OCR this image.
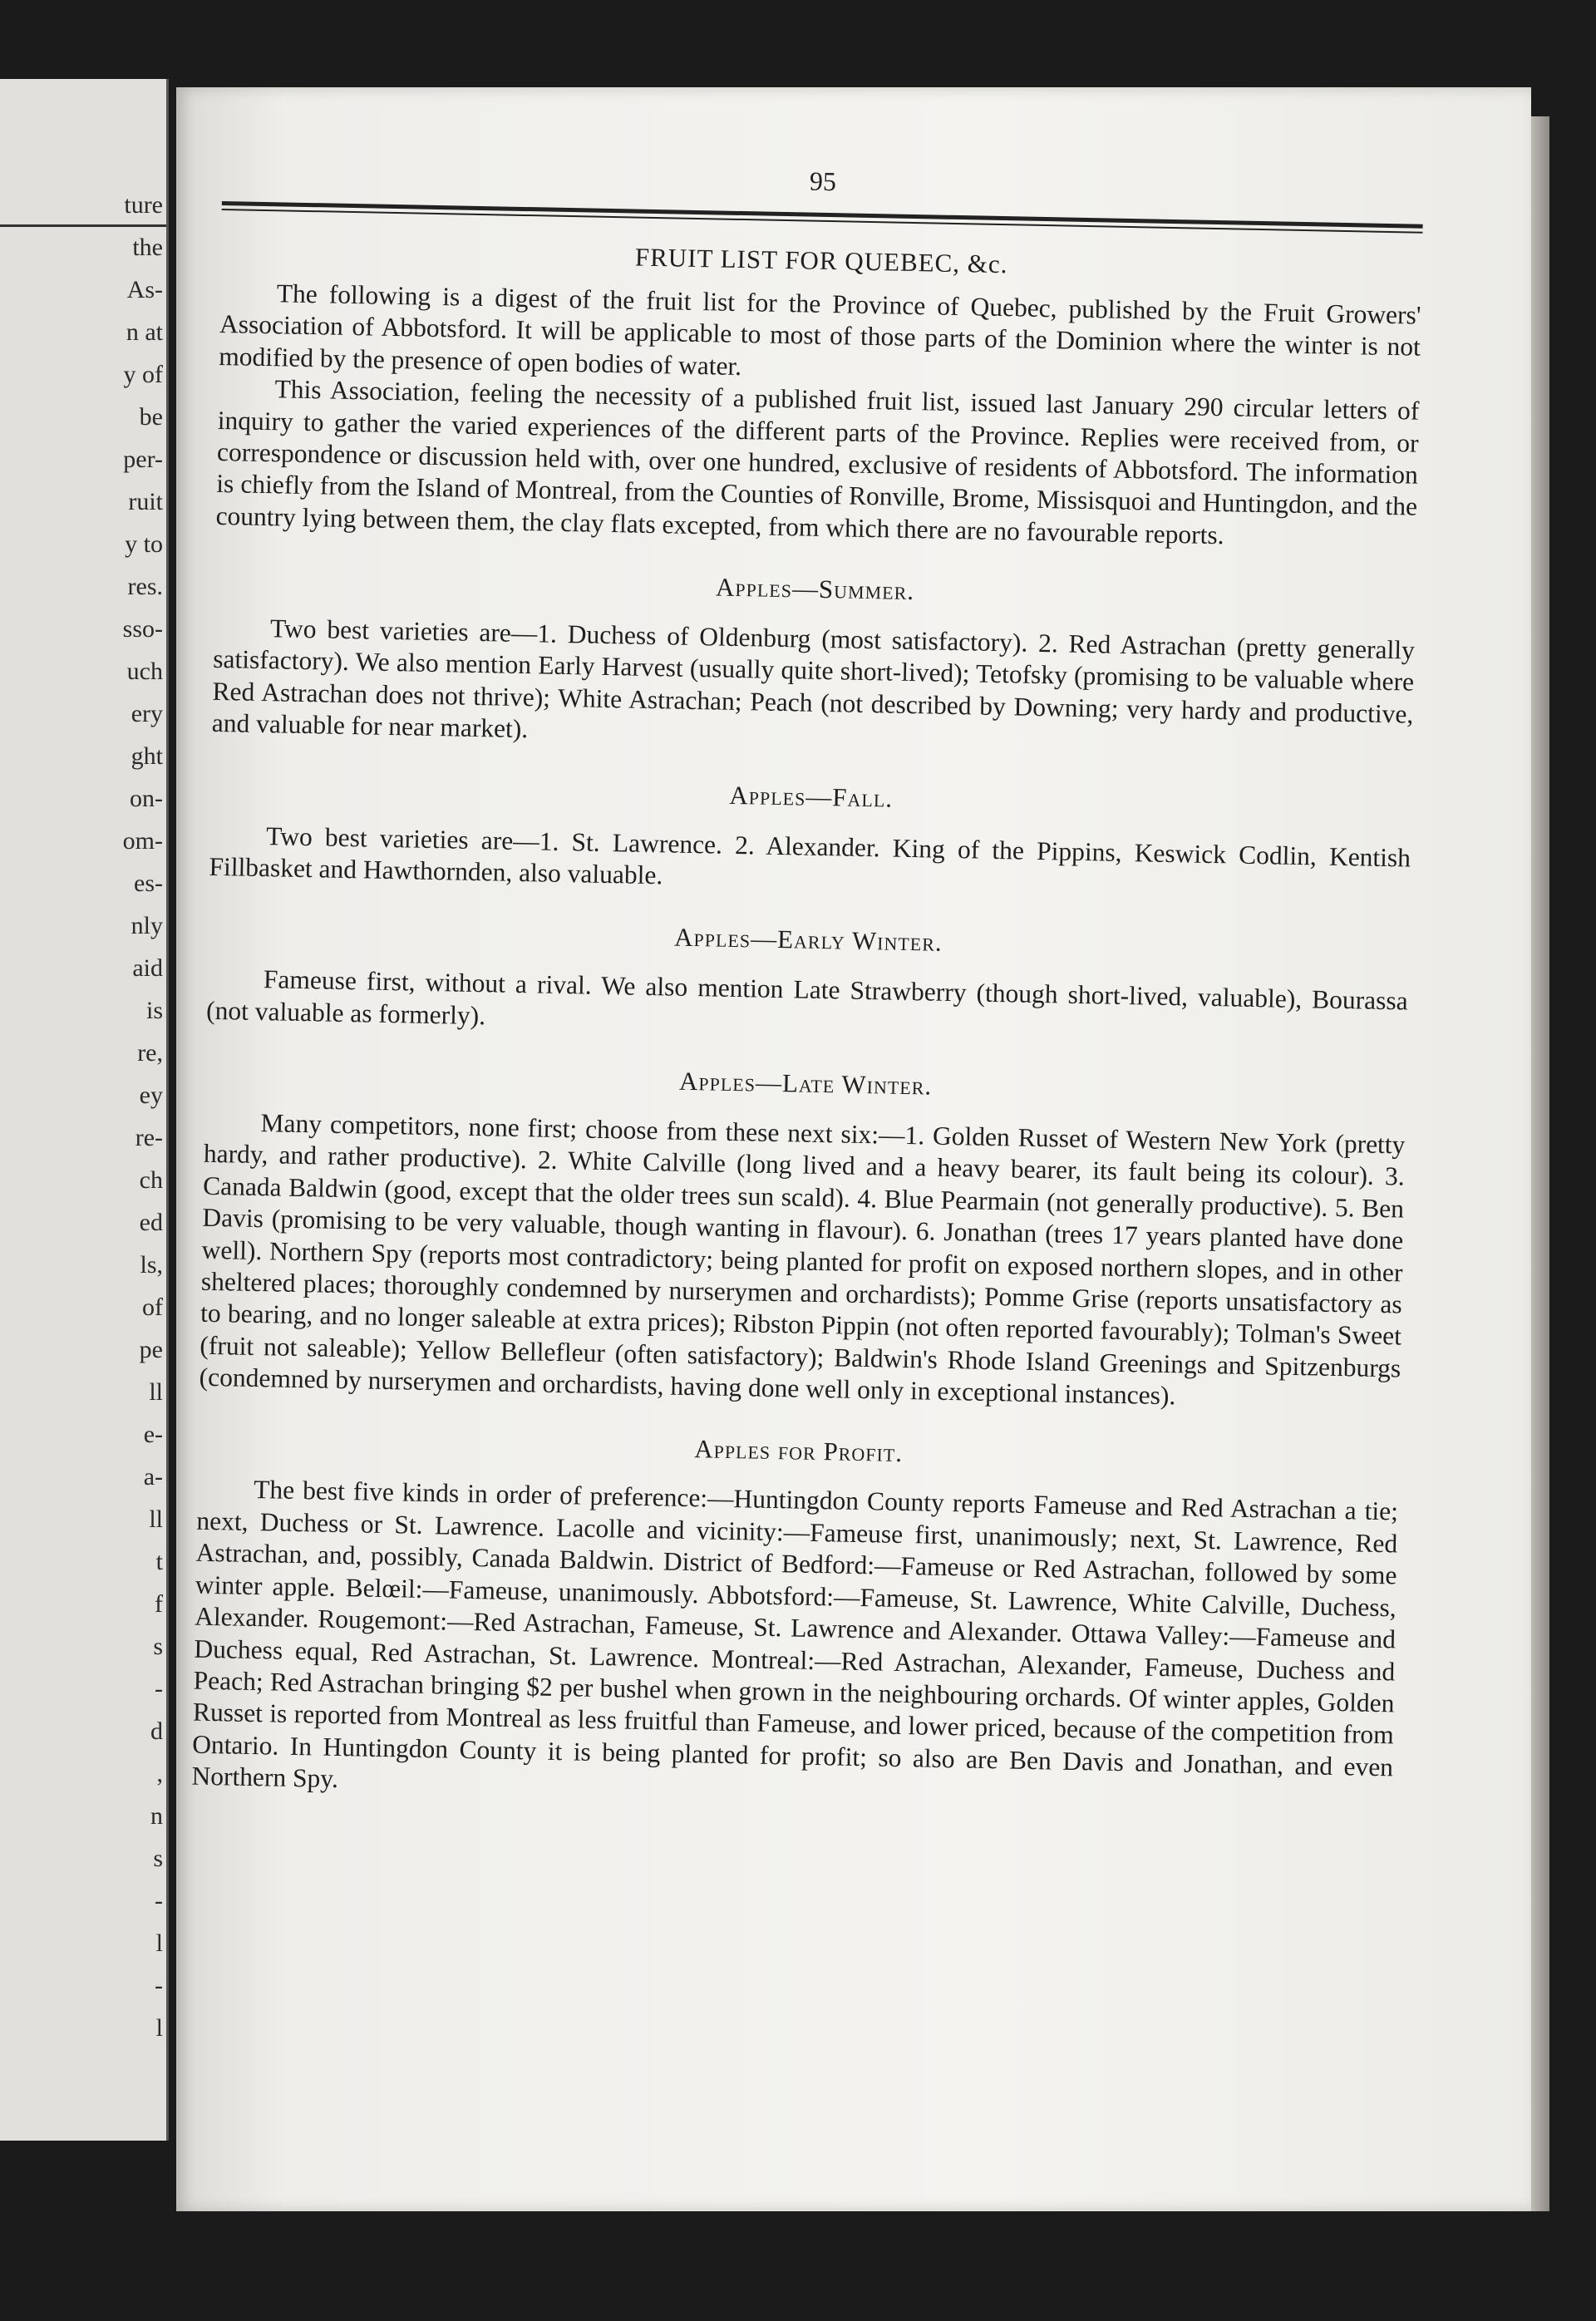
ture
the
As-
n at
y of
be
per-
ruit
y to
res.
sso-
uch
ery
ght
on-
om-
es-
nly
aid
is
re,
ey
re-
ch
ed
ls,
of
pe
ll
e-
a-
ll
t
f
s
-
d
,
n
s
-
l
-
l
95
FRUIT LIST FOR QUEBEC, &c.

The following is a digest of the fruit list for the Province of Quebec, published by the Fruit Growers' Association of Abbotsford. It will be applicable to most of those parts of the Dominion where the winter is not modified by the presence of open bodies of water.

This Association, feeling the necessity of a published fruit list, issued last January 290 circular letters of inquiry to gather the varied experiences of the different parts of the Province. Replies were received from, or correspondence or discussion held with, over one hundred, exclusive of residents of Abbotsford. The information is chiefly from the Island of Montreal, from the Counties of Ronville, Brome, Missisquoi and Huntingdon, and the country lying between them, the clay flats excepted, from which there are no favourable reports.

Apples—Summer.

Two best varieties are—1. Duchess of Oldenburg (most satisfactory). 2. Red Astrachan (pretty generally satisfactory). We also mention Early Harvest (usually quite short-lived); Tetofsky (promising to be valuable where Red Astrachan does not thrive); White Astrachan; Peach (not described by Downing; very hardy and productive, and valuable for near market).

Apples—Fall.

Two best varieties are—1. St. Lawrence. 2. Alexander. King of the Pippins, Keswick Codlin, Kentish Fillbasket and Hawthornden, also valuable.

Apples—Early Winter.

Fameuse first, without a rival. We also mention Late Strawberry (though short-lived, valuable), Bourassa (not valuable as formerly).

Apples—Late Winter.

Many competitors, none first; choose from these next six:—1. Golden Russet of Western New York (pretty hardy, and rather productive). 2. White Calville (long lived and a heavy bearer, its fault being its colour). 3. Canada Baldwin (good, except that the older trees sun scald). 4. Blue Pearmain (not generally productive). 5. Ben Davis (promising to be very valuable, though wanting in flavour). 6. Jonathan (trees 17 years planted have done well). Northern Spy (reports most contradictory; being planted for profit on exposed northern slopes, and in other sheltered places; thoroughly condemned by nurserymen and orchardists); Pomme Grise (reports unsatisfactory as to bearing, and no longer saleable at extra prices); Ribston Pippin (not often reported favourably); Tolman's Sweet (fruit not saleable); Yellow Bellefleur (often satisfactory); Baldwin's Rhode Island Greenings and Spitzenburgs (condemned by nurserymen and orchardists, having done well only in exceptional instances).

Apples for Profit.

The best five kinds in order of preference:—Huntingdon County reports Fameuse and Red Astrachan a tie; next, Duchess or St. Lawrence. Lacolle and vicinity:—Fameuse first, unanimously; next, St. Lawrence, Red Astrachan, and, possibly, Canada Baldwin. District of Bedford:—Fameuse or Red Astrachan, followed by some winter apple. Belœil:—Fameuse, unanimously. Abbotsford:—Fameuse, St. Lawrence, White Calville, Duchess, Alexander. Rougemont:—Red Astrachan, Fameuse, St. Lawrence and Alexander. Ottawa Valley:—Fameuse and Duchess equal, Red Astrachan, St. Lawrence. Montreal:—Red Astrachan, Alexander, Fameuse, Duchess and Peach; Red Astrachan bringing $2 per bushel when grown in the neighbouring orchards. Of winter apples, Golden Russet is reported from Montreal as less fruitful than Fameuse, and lower priced, because of the competition from Ontario. In Huntingdon County it is being planted for profit; so also are Ben Davis and Jonathan, and even Northern Spy.
